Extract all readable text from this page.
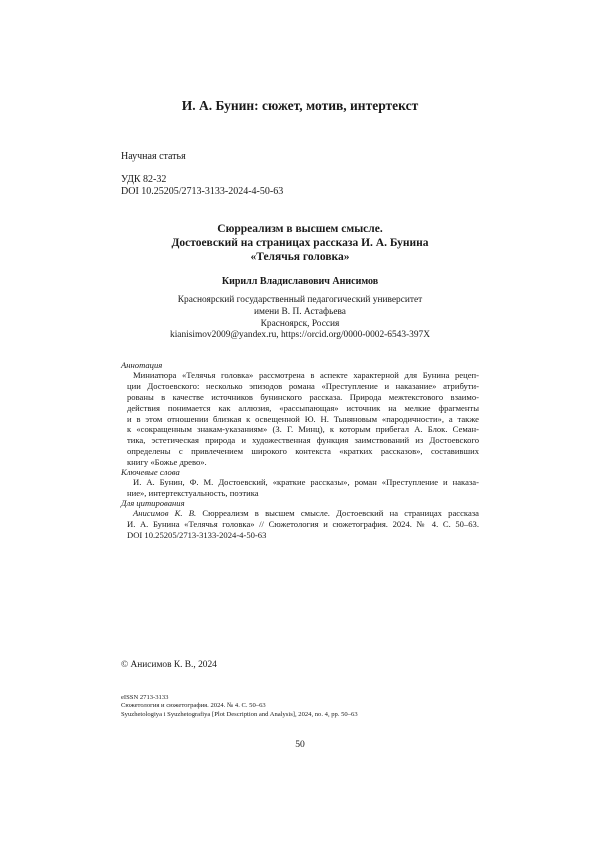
И. А. Бунин: сюжет, мотив, интертекст
Научная статья
УДК 82-32
DOI 10.25205/2713-3133-2024-4-50-63
Сюрреализм в высшем смысле.
Достоевский на страницах рассказа И. А. Бунина
«Телячья головка»
Кирилл Владиславович Анисимов
Красноярский государственный педагогический университет
имени В. П. Астафьева
Красноярск, Россия
kianisimov2009@yandex.ru, https://orcid.org/0000-0002-6543-397X
Аннотация
Миниатюра «Телячья головка» рассмотрена в аспекте характерной для Бунина рецеп-
ции Достоевского: несколько эпизодов романа «Преступление и наказание» атрибути-
рованы в качестве источников бунинского рассказа. Природа межтекстового взаимо-
действия понимается как аллюзия, «рассыпающая» источник на мелкие фрагменты
и в этом отношении близкая к освещенной Ю. Н. Тыняновым «пародичности», а также
к «сокращенным знакам-указаниям» (З. Г. Минц), к которым прибегал А. Блок. Семан-
тика, эстетическая природа и художественная функция заимствований из Достоевского
определены с привлечением широкого контекста «кратких рассказов», составивших
книгу «Божье древо».
Ключевые слова
И. А. Бунин, Ф. М. Достоевский, «краткие рассказы», роман «Преступление и наказа-
ние», интертекстуальность, поэтика
Для цитирования
Анисимов К. В. Сюрреализм в высшем смысле. Достоевский на страницах рассказа
И. А. Бунина «Телячья головка» // Сюжетология и сюжетография. 2024. № 4. С. 50–63.
DOI 10.25205/2713-3133-2024-4-50-63
© Анисимов К. В., 2024
eISSN 2713-3133
Сюжетология и сюжетография. 2024. № 4. С. 50–63
Syuzhetologiya i Syuzhetografiya [Plot Description and Analysis], 2024, no. 4, pp. 50–63
50
